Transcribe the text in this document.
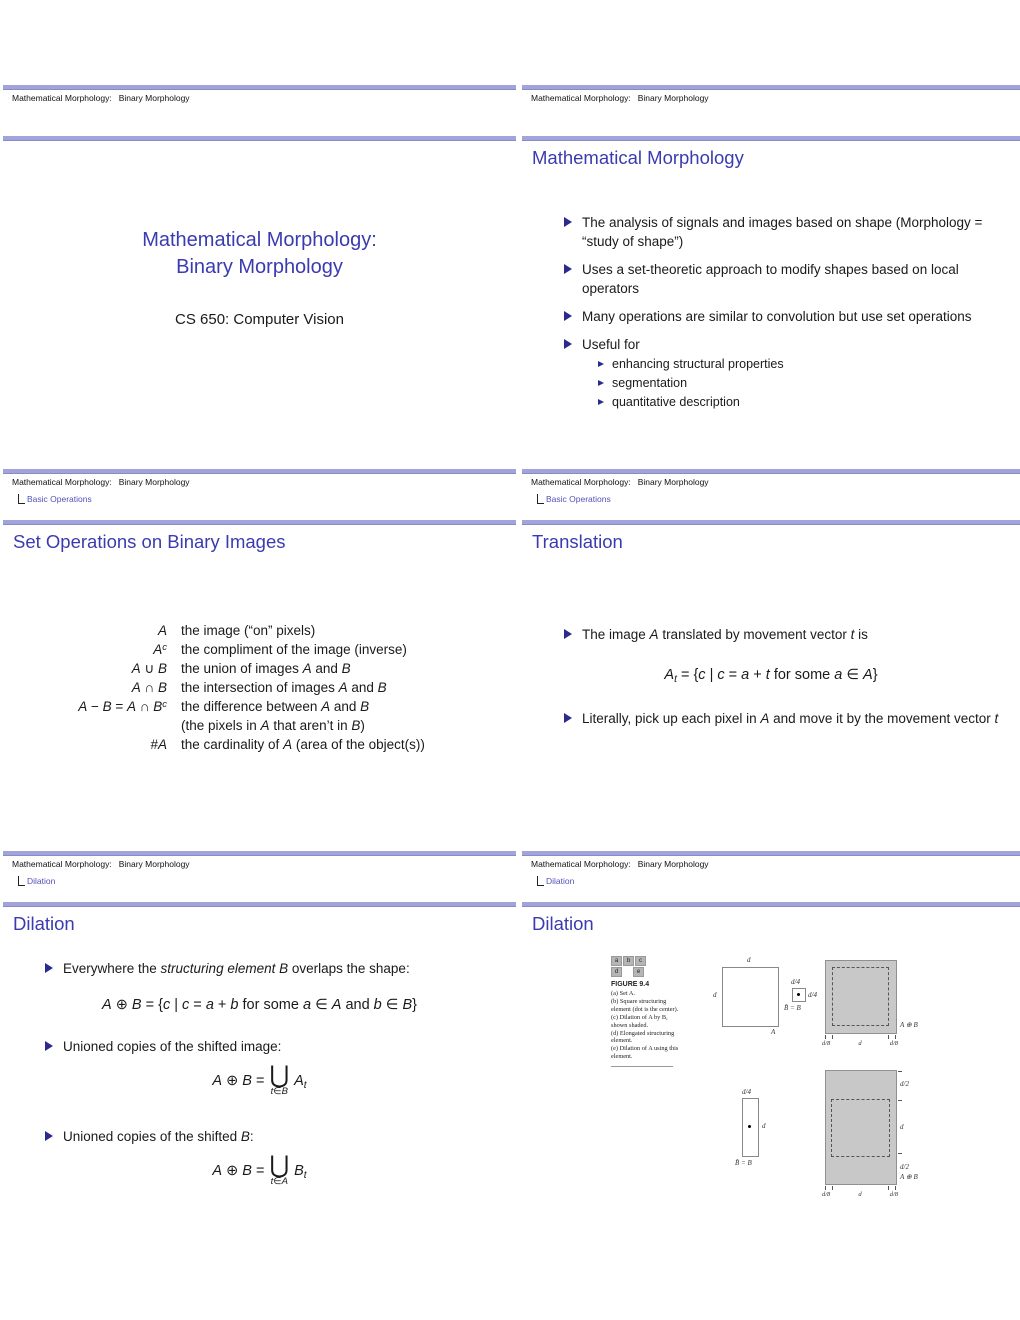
Mathematical Morphology: Binary Morphology
Mathematical Morphology:
Binary Morphology
CS 650: Computer Vision
Mathematical Morphology: Binary Morphology
Mathematical Morphology
The analysis of signals and images based on shape (Morphology = “study of shape”)
Uses a set-theoretic approach to modify shapes based on local operators
Many operations are similar to convolution but use set operations
Useful for
enhancing structural properties
segmentation
quantitative description
Mathematical Morphology: Binary Morphology
Basic Operations
Set Operations on Binary Images
A the image (“on” pixels)
$A^c$ the compliment of the image (inverse)
A ∪ B the union of images A and B
A ∩ B the intersection of images A and B
A − B = A ∩ $B^c$ the difference between A and B
(the pixels in A that aren’t in B)
#A the cardinality of A (area of the object(s))
Mathematical Morphology: Binary Morphology
Basic Operations
Translation
The image A translated by movement vector t is
$A_t = \{c$ | c = a + t for some a ∈ A}
Literally, pick up each pixel in A and move it by the movement vector t
Mathematical Morphology: Binary Morphology
Dilation
Dilation
Everywhere the structuring element B overlaps the shape:
A ⊕ B = {c | c = a + b for some a ∈ A and b ∈ B}
Unioned copies of the shifted image:
A ⊕ B = ⋃
t∈B
$A_t$
Unioned copies of the shifted B:
A ⊕ B = ⋃
t∈A
$B_t$
Mathematical Morphology: Binary Morphology
Dilation
Dilation
a	b	c
d	e
FIGURE 9.4
(a) Set A.
(b) Square structuring element (dot is the center).
(c) Dilation of A by B, shown shaded.
(d) Elongated structuring element.
(e) Dilation of A using this element.
d
d
A
d/4
d/4
B̂ = B
A ⊕ B
d/8	d	d/8
d/4
d
B̂ = B
d/2
d
d/2
A ⊕ B
d/8	d	d/8
